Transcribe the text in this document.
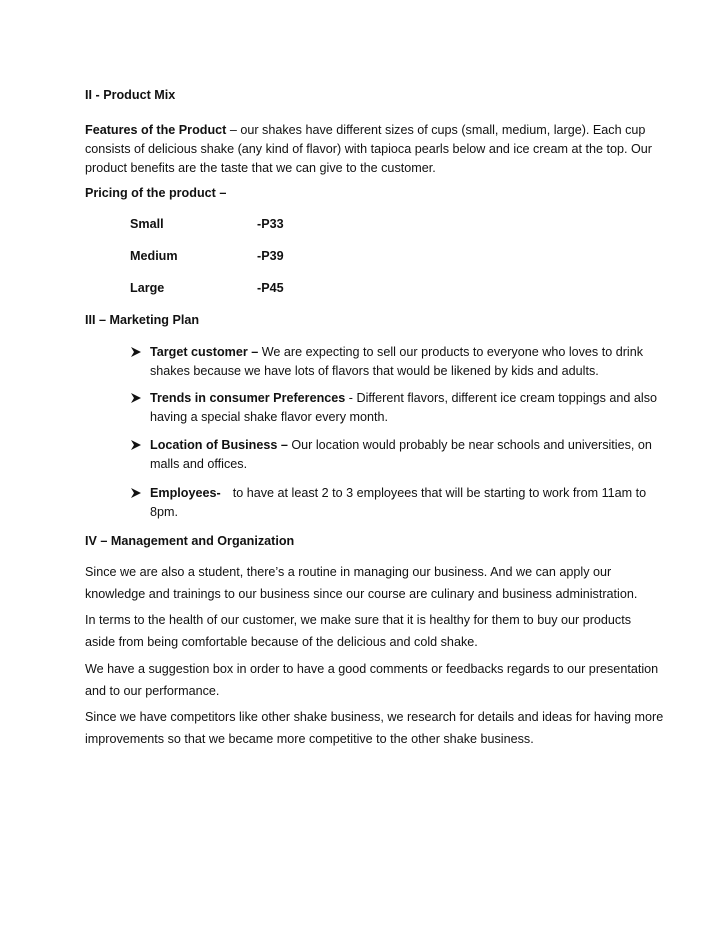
II - Product Mix

Features of the Product – our shakes have different sizes of cups (small, medium, large). Each cup
consists of delicious shake (any kind of flavor) with tapioca pearls below and ice cream at the top. Our
product benefits are the taste that we can give to the customer.

Pricing of the product –

Small	-P33
Medium	-P39
Large	-P45

III – Marketing Plan

Target customer – We are expecting to sell our products to everyone who loves to drink
shakes because we have lots of flavors that would be likened by kids and adults.
Trends in consumer Preferences - Different flavors, different ice cream toppings and also
having a special shake flavor every month.
Location of Business – Our location would probably be near schools and universities, on
malls and offices.
Employees- to have at least 2 to 3 employees that will be starting to work from 11am to
8pm.

IV – Management and Organization

Since we are also a student, there’s a routine in managing our business. And we can apply our
knowledge and trainings to our business since our course are culinary and business administration.
In terms to the health of our customer, we make sure that it is healthy for them to buy our products
aside from being comfortable because of the delicious and cold shake.
We have a suggestion box in order to have a good comments or feedbacks regards to our presentation
and to our performance.
Since we have competitors like other shake business, we research for details and ideas for having more
improvements so that we became more competitive to the other shake business.
